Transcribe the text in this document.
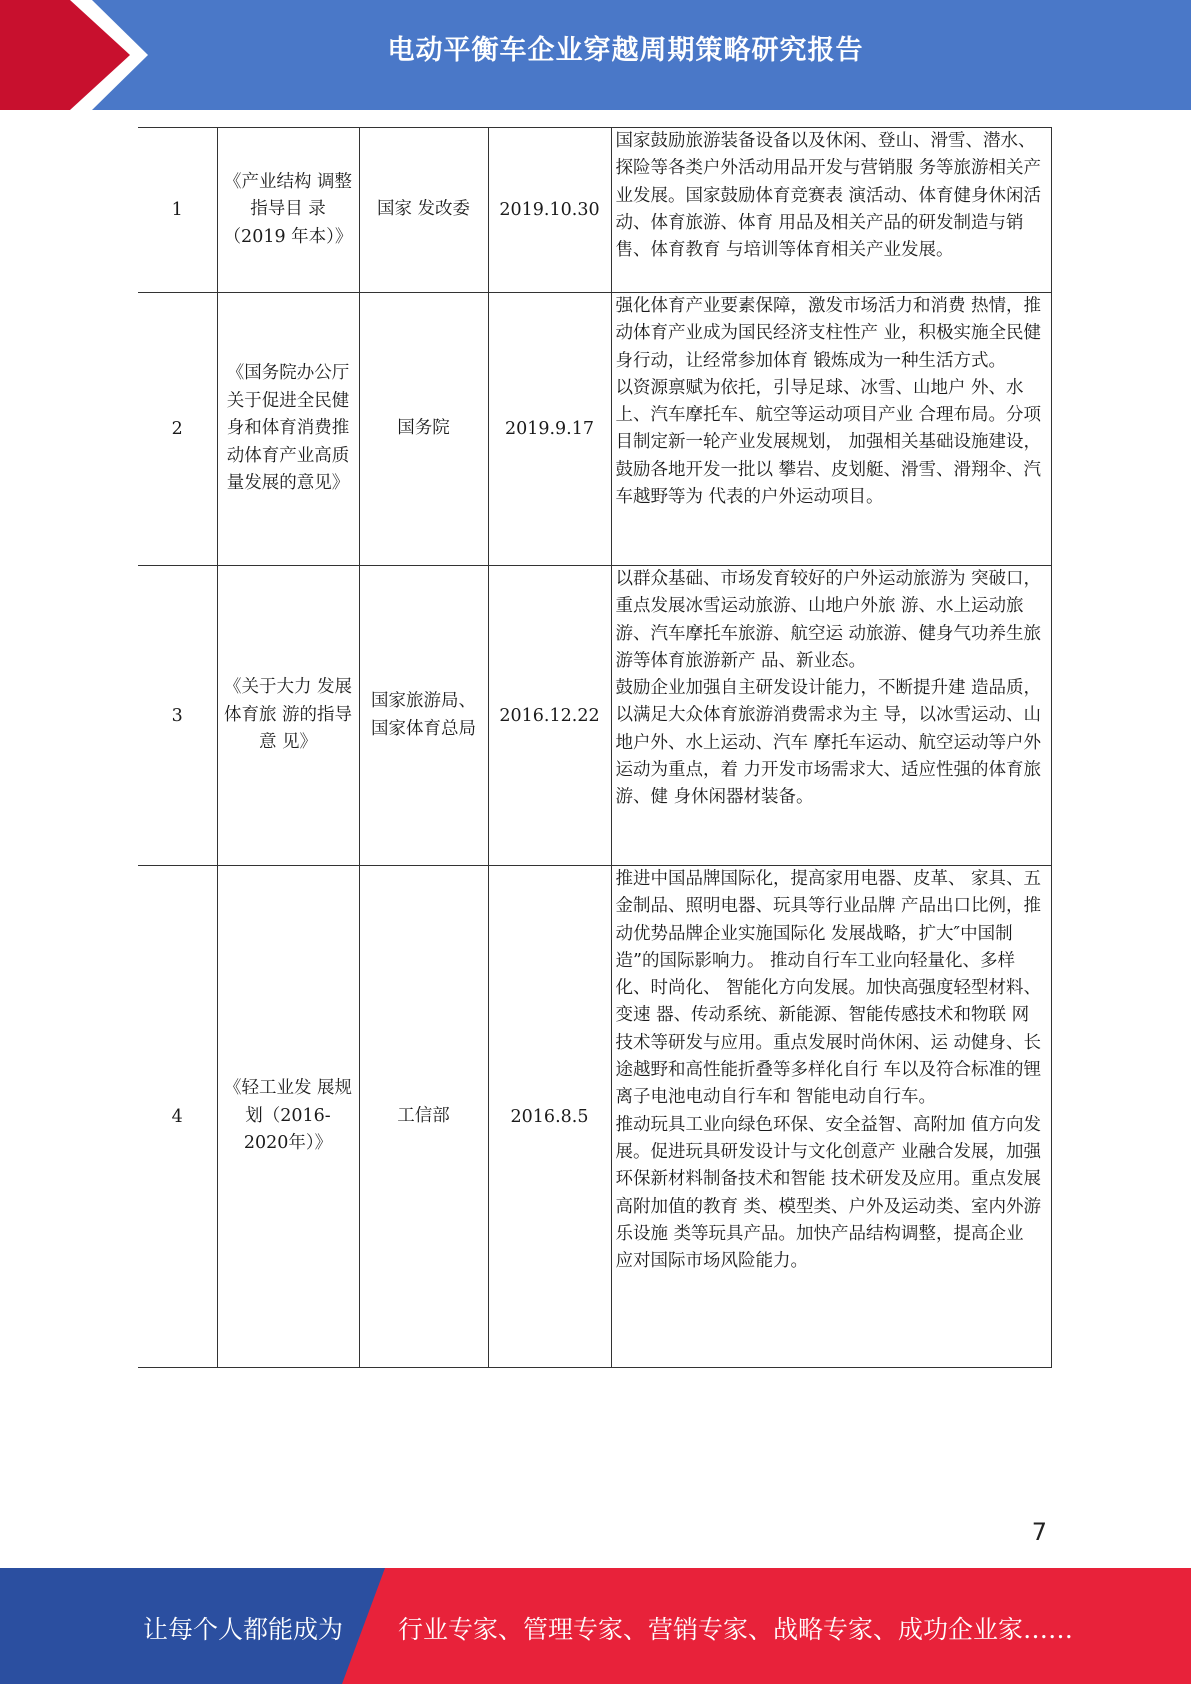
电动平衡车企业穿越周期策略研究报告
1	《产业结构 调整指导目 录（2019 年本）》	国家 发改委	2019.10.30	国家鼓励旅游装备设备以及休闲、登山、滑雪、潜水、探险等各类户外活动用品开发与营销服 务等旅游相关产业发展。国家鼓励体育竞赛表 演活动、体育健身休闲活动、体育旅游、体育 用品及相关产品的研发制造与销售、体育教育 与培训等体育相关产业发展。

2	《国务院办公厅关于促进全民健身和体育消费推动体育产业高质量发展的意见》	国务院	2019.9.17	强化体育产业要素保障，激发市场活力和消费 热情，推动体育产业成为国民经济支柱性产 业，积极实施全民健身行动，让经常参加体育 锻炼成为一种生活方式。

以资源禀赋为依托，引导足球、冰雪、山地户 外、水上、汽车摩托车、航空等运动项目产业 合理布局。分项目制定新一轮产业发展规划， 加强相关基础设施建设，鼓励各地开发一批以 攀岩、皮划艇、滑雪、滑翔伞、汽车越野等为 代表的户外运动项目。

3	《关于大力 发展体育旅 游的指导意 见》	国家旅游局、国家体育总局	2016.12.22	以群众基础、市场发育较好的户外运动旅游为 突破口，重点发展冰雪运动旅游、山地户外旅 游、水上运动旅游、汽车摩托车旅游、航空运 动旅游、健身气功养生旅游等体育旅游新产 品、新业态。

鼓励企业加强自主研发设计能力，不断提升建 造品质，以满足大众体育旅游消费需求为主 导，以冰雪运动、山地户外、水上运动、汽车 摩托车运动、航空运动等户外运动为重点，着 力开发市场需求大、适应性强的体育旅游、健 身休闲器材装备。

4	《轻工业发 展规划（2016-2020年）》	工信部	2016.8.5	推进中国品牌国际化，提高家用电器、皮革、 家具、五金制品、照明电器、玩具等行业品牌 产品出口比例，推动优势品牌企业实施国际化 发展战略，扩大″中国制造”的国际影响力。 推动自行车工业向轻量化、多样化、时尚化、 智能化方向发展。加快高强度轻型材料、变速 器、传动系统、新能源、智能传感技术和物联 网技术等研发与应用。重点发展时尚休闲、运 动健身、长途越野和高性能折叠等多样化自行 车以及符合标准的锂离子电池电动自行车和 智能电动自行车。

推动玩具工业向绿色环保、安全益智、高附加 值方向发展。促进玩具研发设计与文化创意产 业融合发展，加强环保新材料制备技术和智能 技术研发及应用。重点发展高附加值的教育 类、模型类、户外及运动类、室内外游乐设施 类等玩具产品。加快产品结构调整，提高企业 应对国际市场风险能力。

7
让每个人都能成为 行业专家、管理专家、营销专家、战略专家、成功企业家……
